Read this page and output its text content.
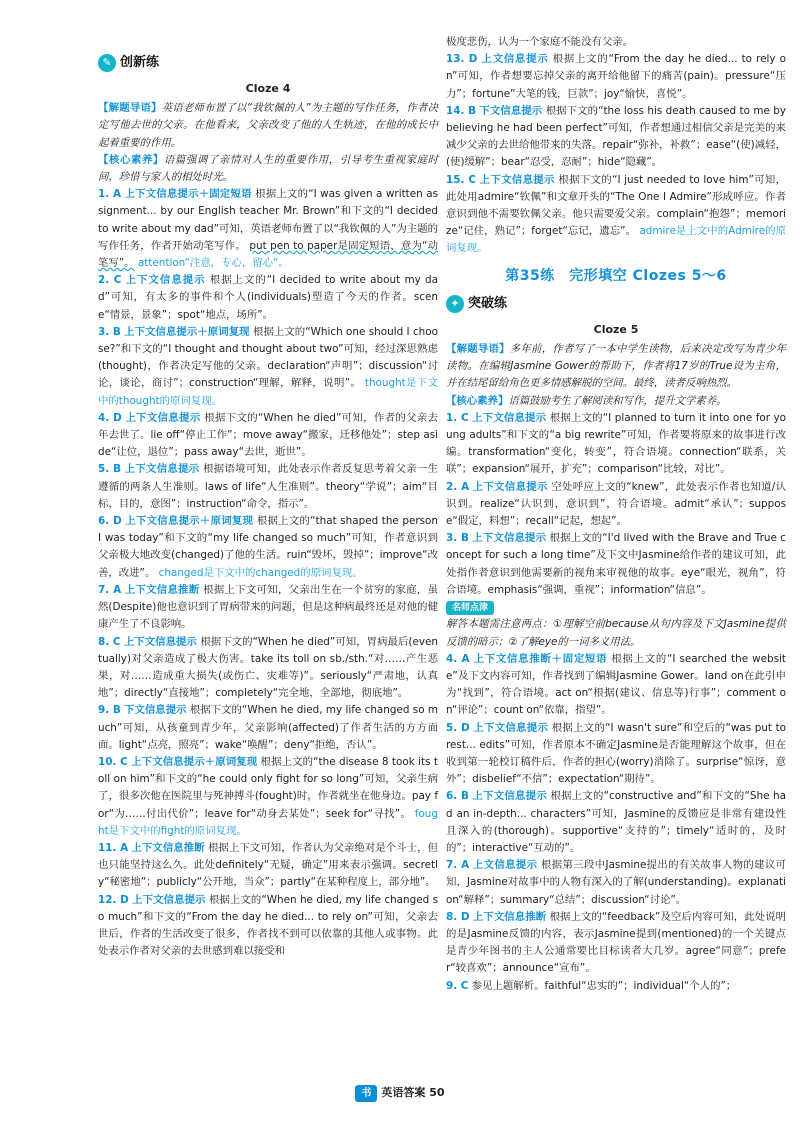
✎ 创新练
Cloze 4

【解题导语】英语老师布置了以“我钦佩的人”为主题的写作任务，作者决定写他去世的父亲。在他看来，父亲改变了他的人生轨迹，在他的成长中起着重要的作用。

【核心素养】语篇强调了亲情对人生的重要作用，引导考生重视家庭时间，珍惜与家人的相处时光。

1. A 上下文信息提示＋固定短语 根据上文的“I was given a written assignment... by our English teacher Mr. Brown”和下文的“I decided to write about my dad”可知，英语老师布置了以“我钦佩的人”为主题的写作任务，作者开始动笔写作。 put pen to paper是固定短语，意为“动笔写”。 attention“注意，专心，留心”。

2. C 上下文信息提示 根据上文的“I decided to write about my dad”可知，有太多的事件和个人(individuals)塑造了今天的作者。scene“情景，景象”；spot“地点，场所”。

3. B 上下文信息提示＋原词复现 根据上文的“Which one should I choose?”和下文的“I thought and thought about two”可知，经过深思熟虑(thought)，作者决定写他的父亲。declaration“声明”；discussion“讨论，谈论，商讨”；construction“理解，解释，说明”。 thought是下文中的thought的原词复现。

4. D 上下文信息提示 根据下文的“When he died”可知，作者的父亲去年去世了。lie off“停止工作”；move away“搬家，迁移他处”；step aside“让位，退位”；pass away“去世，逝世”。

5. B 上下文信息提示 根据语境可知，此处表示作者反复思考着父亲一生遵循的两条人生准则。laws of life“人生准则”。theory“学说”；aim“目标，目的，意图”；instruction“命令，指示”。

6. D 上下文信息提示＋原词复现 根据上文的“that shaped the person I was today”和下文的“my life changed so much”可知，作者意识到父亲极大地改变(changed)了他的生活。ruin“毁坏，毁掉”；improve“改善，改进”。 changed是下文中的changed的原词复现。

7. A 上下文信息推断 根据上下文可知，父亲出生在一个贫穷的家庭，虽然(Despite)他也意识到了胃病带来的问题，但是这种病最终还是对他的健康产生了不良影响。

8. C 上下文信息提示 根据下文的“When he died”可知，胃病最后(eventually)对父亲造成了极大伤害。take its toll on sb./sth.“对……产生恶果，对……造成重大损失(或伤亡、灾难等)”。seriously“严肃地，认真地”；directly“直接地”；completely“完全地，全部地，彻底地”。

9. B 下文信息提示 根据下文的“When he died, my life changed so much”可知，从孩童到青少年，父亲影响(affected)了作者生活的方方面面。light“点亮，照亮”；wake“唤醒”；deny“拒绝，否认”。

10. C 上下文信息提示＋原词复现 根据上文的“the disease 8 took its toll on him”和下文的“he could only fight for so long”可知，父亲生病了，很多次他在医院里与死神搏斗(fought)时，作者就坐在他身边。pay for“为……付出代价”；leave for“动身去某处”；seek for“寻找”。 fought是下文中的fight的原词复现。

11. A 上下文信息推断 根据上下文可知，作者认为父亲绝对是个斗士，但也只能坚持这么久。此处definitely“无疑，确定”用来表示强调。secretly“秘密地”；publicly“公开地，当众”；partly“在某种程度上，部分地”。

12. D 上下文信息提示 根据上文的“When he died, my life changed so much”和下文的“From the day he died... to rely on”可知，父亲去世后，作者的生活改变了很多，作者找不到可以依靠的其他人或事物。此处表示作者对父亲的去世感到难以接受和

极度悲伤，认为一个家庭不能没有父亲。

13. D 上文信息提示 根据上文的“From the day he died... to rely on”可知，作者想要忘掉父亲的离开给他留下的痛苦(pain)。pressure“压力”；fortune“大笔的钱，巨款”；joy“愉快，喜悦”。

14. B 下文信息提示 根据下文的“the loss his death caused to me by believing he had been perfect”可知，作者想通过相信父亲是完美的来减少父亲的去世给他带来的失落。repair“弥补，补救”；ease“(使)减轻，(使)缓解”；bear“忍受，忍耐”；hide“隐藏”。

15. C 上下文信息提示 根据下文的“I just needed to love him”可知，此处用admire“钦佩”和文章开头的“The One I Admire”形成呼应。作者意识到他不需要钦佩父亲。他只需要爱父亲。complain“抱怨”；memorize“记住，熟记”；forget“忘记，遗忘”。 admire是上文中的Admire的原词复现。

第35练　完形填空 Clozes 5～6
✦ 突破练
Cloze 5

【解题导语】多年前，作者写了一本中学生读物，后来决定改写为青少年读物。在编辑Jasmine Gower的帮助下，作者将17岁的True设为主角，并在结尾留给角色更多情感解脱的空间。最终，读者反响热烈。

【核心素养】语篇鼓励考生了解阅读和写作，提升文学素养。

1. C 上下文信息提示 根据上文的“I planned to turn it into one for young adults”和下文的“a big rewrite”可知，作者要将原来的故事进行改编。transformation“变化，转变”，符合语境。connection“联系，关联”；expansion“展开，扩充”；comparison“比较，对比”。

2. A 上下文信息提示 空处呼应上文的“knew”，此处表示作者也知道/认识到。realize“认识到，意识到”，符合语境。admit“承认”；suppose“假定，料想”；recall“记起，想起”。

3. B 上下文信息提示 根据上文的“I'd lived with the Brave and True concept for such a long time”及下文中Jasmine给作者的建议可知，此处指作者意识到他需要新的视角来审视他的故事。eye“眼光，视角”，符合语境。emphasis“强调，重视”；information“信息”。

名师点津

解答本题需注意两点：①理解空前because从句内容及下文Jasmine提供反馈的暗示；②了解eye的一词多义用法。

4. A 上下文信息推断＋固定短语 根据上文的“I searched the website”及下文内容可知，作者找到了编辑Jasmine Gower。land on在此引申为“找到”，符合语境。act on“根据(建议、信息等)行事”；comment on“评论”；count on“依靠，指望”。

5. D 上下文信息提示 根据上文的“I wasn't sure”和空后的“was put to rest... edits”可知，作者原本不确定Jasmine是否能理解这个故事，但在收到第一轮校订稿件后，作者的担心(worry)消除了。surprise“惊讶，意外”；disbelief“不信”；expectation“期待”。

6. B 上下文信息提示 根据上文的“constructive and”和下文的“She had an in-depth... characters”可知，Jasmine的反馈应是非常有建设性且深入的(thorough)。supportive“支持的”；timely“适时的，及时的”；interactive“互动的”。

7. A 上文信息提示 根据第三段中Jasmine提出的有关故事人物的建议可知，Jasmine对故事中的人物有深入的了解(understanding)。explanation“解释”；summary“总结”；discussion“讨论”。

8. D 上下文信息推断 根据上文的“feedback”及空后内容可知，此处说明的是Jasmine反馈的内容，表示Jasmine提到(mentioned)的一个关键点是青少年图书的主人公通常要比目标读者大几岁。agree“同意”；prefer“较喜欢”；announce“宣布”。

9. C 参见上题解析。faithful“忠实的”；individual“个人的”；

书 英语答案 50
